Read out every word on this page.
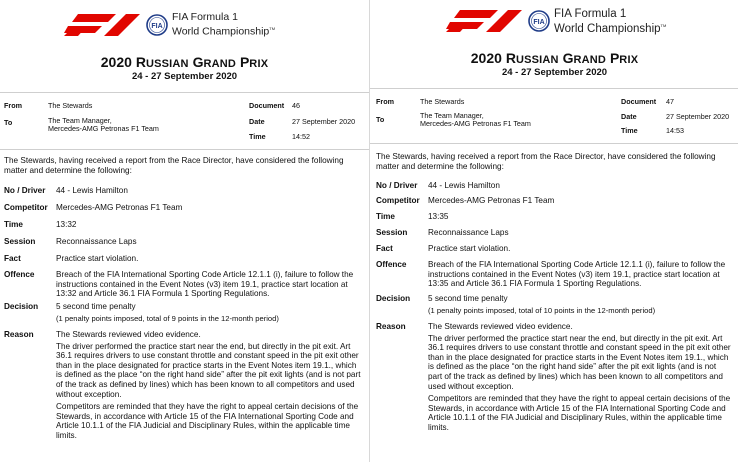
FIA
FIA Formula 1
World Championship™
2020 RUSSIAN GRAND PRIX
24 - 27 September 2020
From	The Stewards
To	The Team Manager,
Mercedes-AMG Petronas F1 Team
Document 46
Date	27 September 2020
Time	14:52
The Stewards, having received a report from the Race Director, have considered the following matter and determine the following:
No / Driver 44 - Lewis Hamilton
Competitor Mercedes-AMG Petronas F1 Team
Time	13:32
Session	Reconnaissance Laps
Fact	Practice start violation.
Offence	Breach of the FIA International Sporting Code Article 12.1.1 (i), failure to follow the instructions contained in the Event Notes (v3) item 19.1, practice start location at 13:32 and Article 36.1 FIA Formula 1 Sporting Regulations.
Decision 5 second time penalty

(1 penalty points imposed, total of 9 points in the 12-month period)

Reason	The Stewards reviewed video evidence.

The driver performed the practice start near the end, but directly in the pit exit. Art 36.1 requires drivers to use constant throttle and constant speed in the pit exit other than in the place designated for practice starts in the Event Notes item 19.1., which is defined as the place “on the right hand side” after the pit exit lights (and is not part of the track as defined by lines) which has been known to all competitors and used without exception.

Competitors are reminded that they have the right to appeal certain decisions of the Stewards, in accordance with Article 15 of the FIA International Sporting Code and Article 10.1.1 of the FIA Judicial and Disciplinary Rules, within the applicable time limits.

FIA
FIA Formula 1
World Championship™
2020 RUSSIAN GRAND PRIX
24 - 27 September 2020
From	The Stewards
To	The Team Manager,
Mercedes-AMG Petronas F1 Team
Document 47
Date	27 September 2020
Time	14:53
The Stewards, having received a report from the Race Director, have considered the following matter and determine the following:
No / Driver 44 - Lewis Hamilton
Competitor Mercedes-AMG Petronas F1 Team
Time	13:35
Session	Reconnaissance Laps
Fact	Practice start violation.
Offence	Breach of the FIA International Sporting Code Article 12.1.1 (i), failure to follow the instructions contained in the Event Notes (v3) item 19.1, practice start location at 13:35 and Article 36.1 FIA Formula 1 Sporting Regulations.
Decision 5 second time penalty

(1 penalty points imposed, total of 10 points in the 12-month period)

Reason	The Stewards reviewed video evidence.

The driver performed the practice start near the end, but directly in the pit exit. Art 36.1 requires drivers to use constant throttle and constant speed in the pit exit other than in the place designated for practice starts in the Event Notes item 19.1., which is defined as the place “on the right hand side” after the pit exit lights (and is not part of the track as defined by lines) which has been known to all competitors and used without exception.

Competitors are reminded that they have the right to appeal certain decisions of the Stewards, in accordance with Article 15 of the FIA International Sporting Code and Article 10.1.1 of the FIA Judicial and Disciplinary Rules, within the applicable time limits.
